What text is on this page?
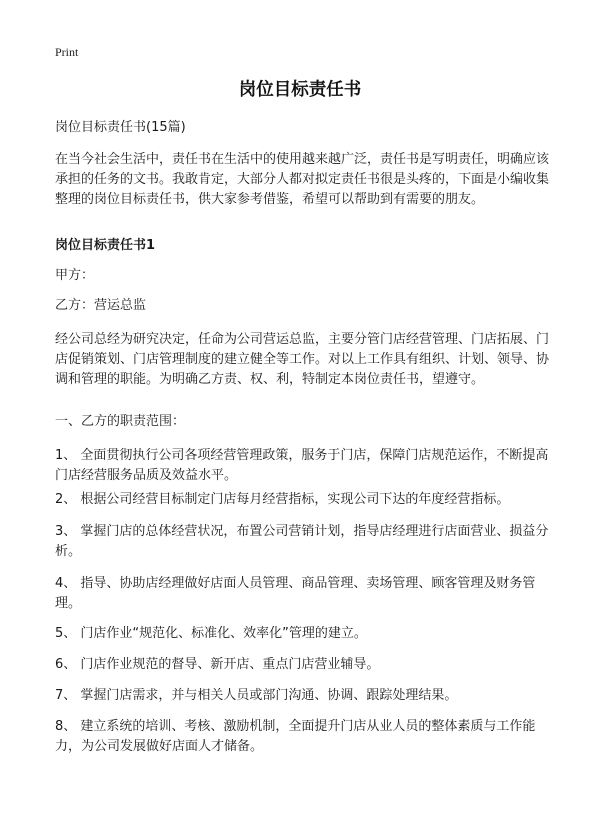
Print
岗位目标责任书

岗位目标责任书(15篇)

在当今社会生活中，责任书在生活中的使用越来越广泛，责任书是写明责任，明确应该承担的任务的文书。我敢肯定，大部分人都对拟定责任书很是头疼的，下面是小编收集整理的岗位目标责任书，供大家参考借鉴，希望可以帮助到有需要的朋友。

岗位目标责任书1

甲方：

乙方：营运总监

经公司总经为研究决定，任命为公司营运总监，主要分管门店经营管理、门店拓展、门店促销策划、门店管理制度的建立健全等工作。对以上工作具有组织、计划、领导、协调和管理的职能。为明确乙方责、权、利，特制定本岗位责任书，望遵守。

一、乙方的职责范围：

1、 全面贯彻执行公司各项经营管理政策，服务于门店，保障门店规范运作，不断提高门店经营服务品质及效益水平。

2、 根据公司经营目标制定门店每月经营指标，实现公司下达的年度经营指标。

3、 掌握门店的总体经营状况，布置公司营销计划，指导店经理进行店面营业、损益分析。

4、 指导、协助店经理做好店面人员管理、商品管理、卖场管理、顾客管理及财务管理。

5、 门店作业“规范化、标准化、效率化”管理的建立。

6、 门店作业规范的督导、新开店、重点门店营业辅导。

7、 掌握门店需求，并与相关人员或部门沟通、协调、跟踪处理结果。

8、 建立系统的培训、考核、激励机制，全面提升门店从业人员的整体素质与工作能力，为公司发展做好店面人才储备。
